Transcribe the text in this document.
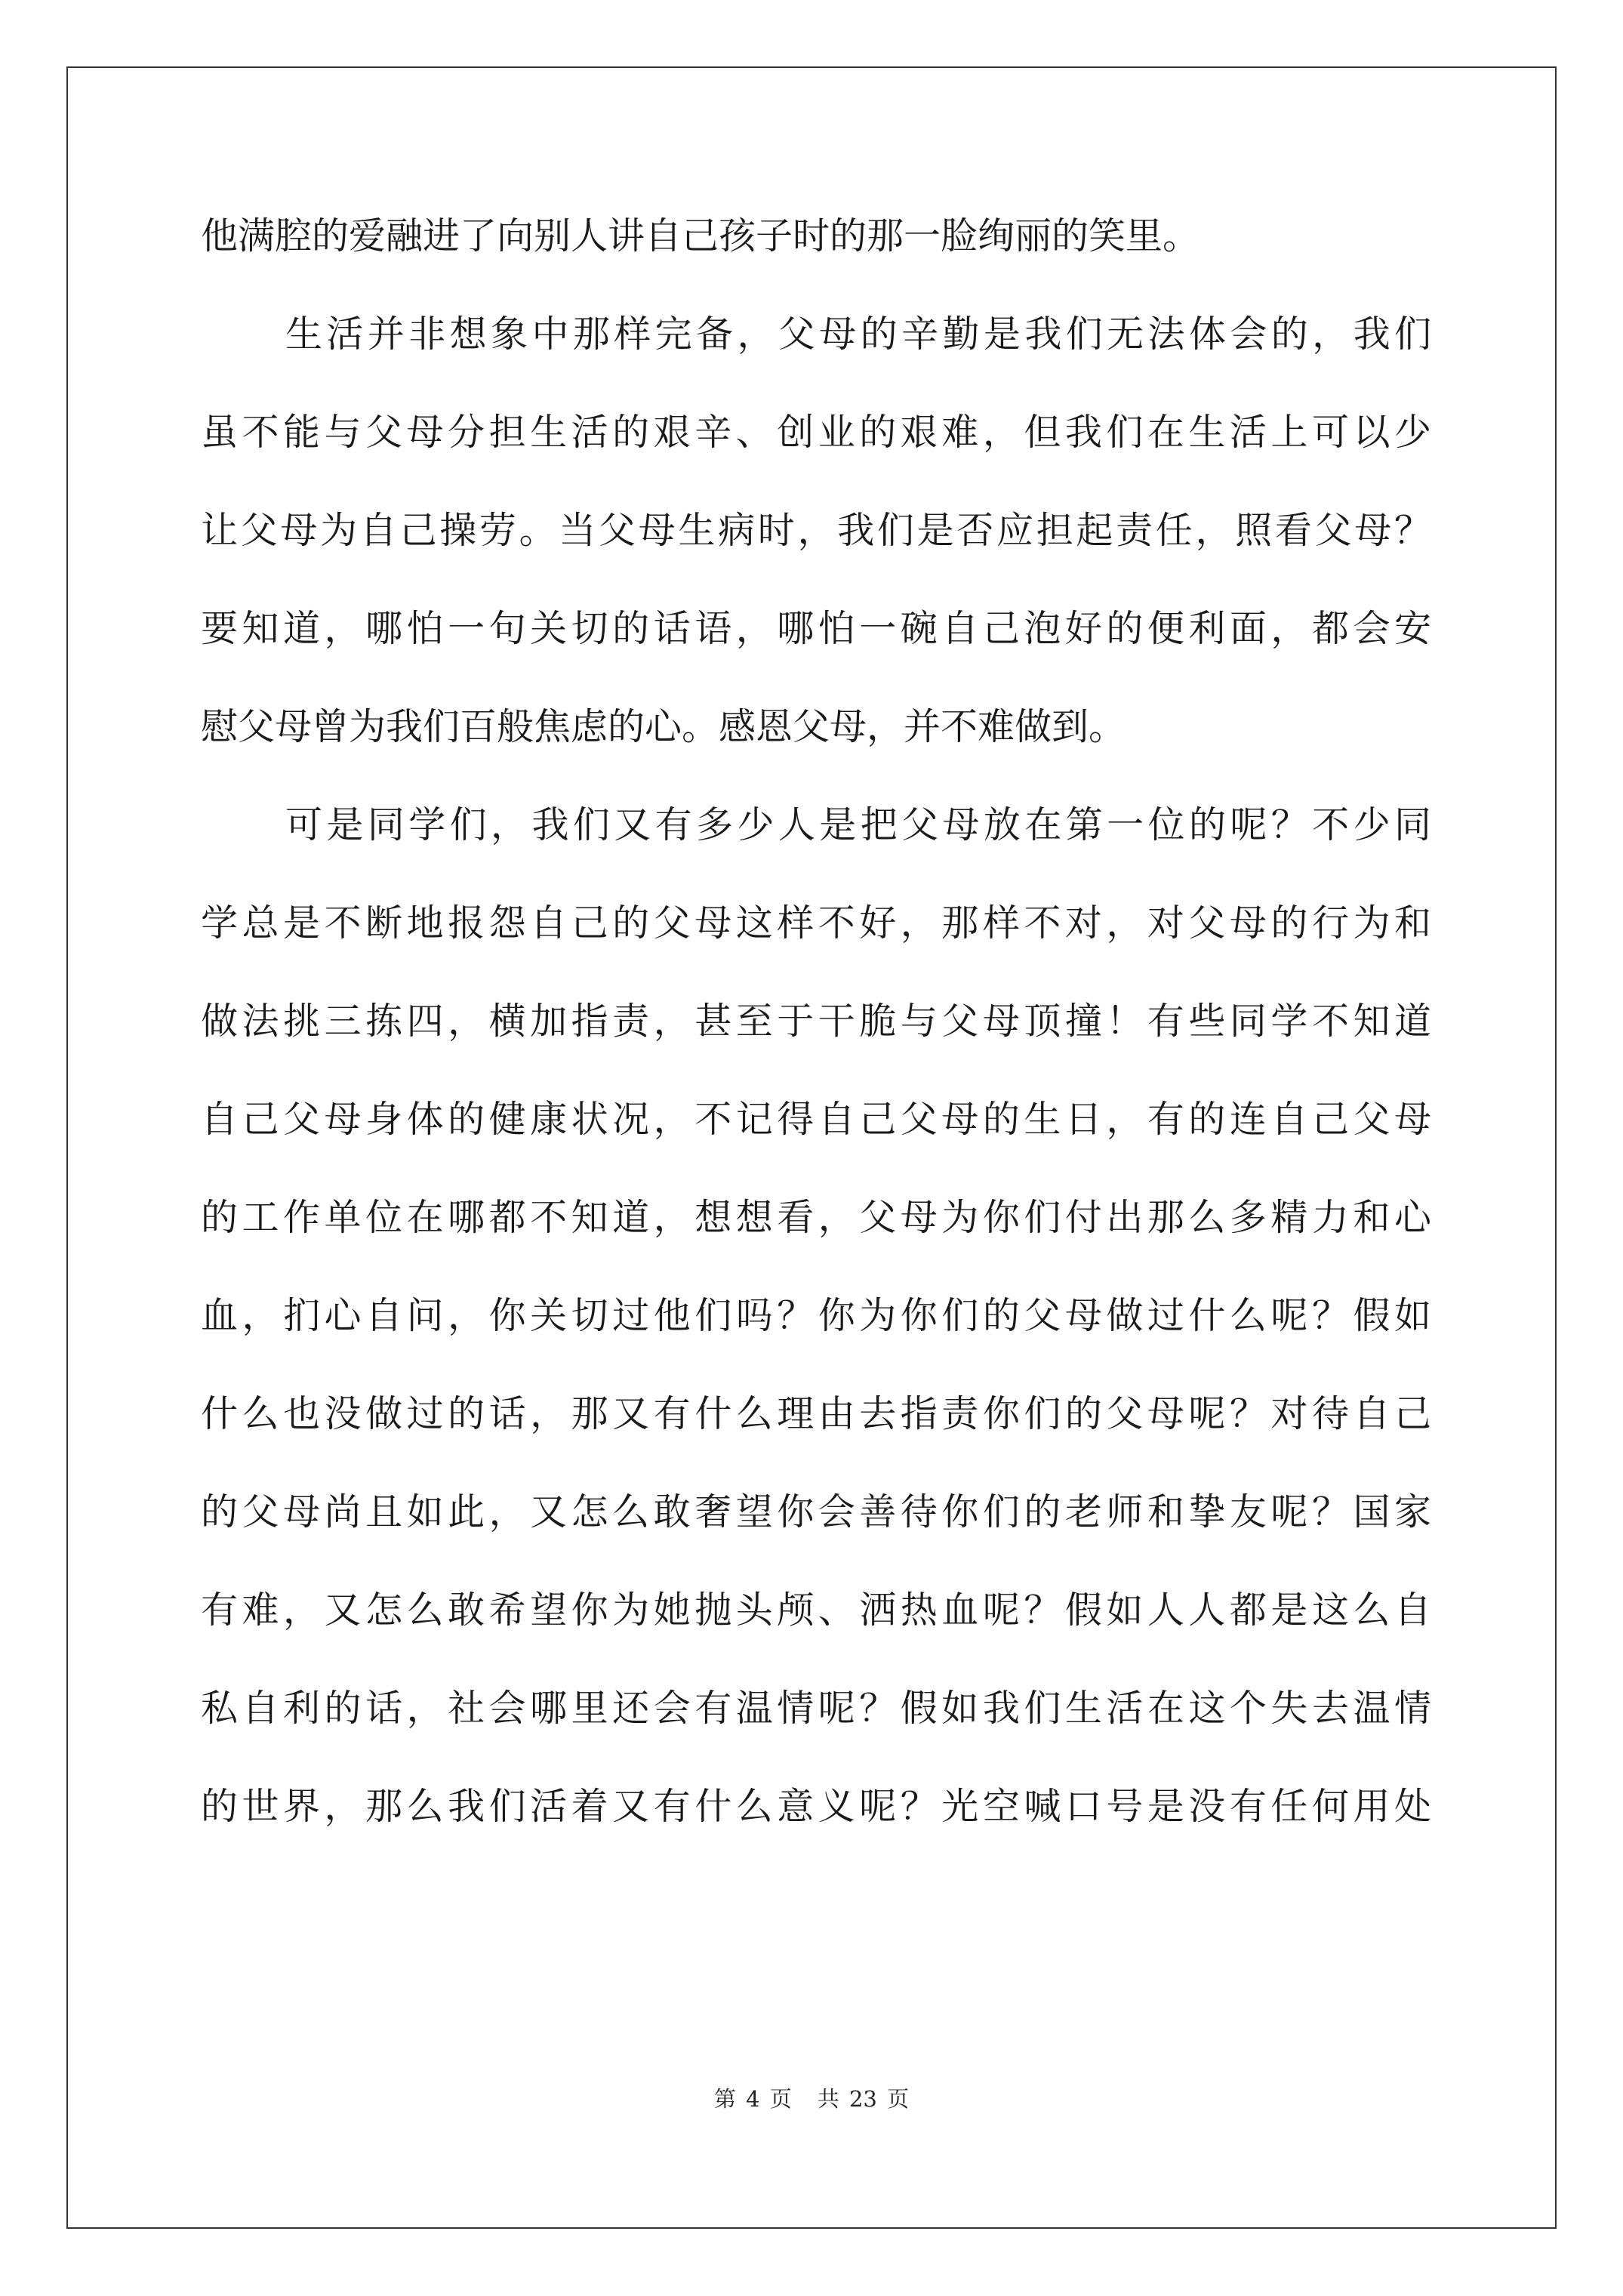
他满腔的爱融进了向别人讲自己孩子时的那一脸绚丽的笑里。
生活并非想象中那样完备，父母的辛勤是我们无法体会的，我们
虽不能与父母分担生活的艰辛、创业的艰难，但我们在生活上可以少
让父母为自己操劳。当父母生病时，我们是否应担起责任，照看父母？
要知道，哪怕一句关切的话语，哪怕一碗自己泡好的便利面，都会安
慰父母曾为我们百般焦虑的心。感恩父母，并不难做到。
可是同学们，我们又有多少人是把父母放在第一位的呢？不少同
学总是不断地报怨自己的父母这样不好，那样不对，对父母的行为和
做法挑三拣四，横加指责，甚至于干脆与父母顶撞！有些同学不知道
自己父母身体的健康状况，不记得自己父母的生日，有的连自己父母
的工作单位在哪都不知道，想想看，父母为你们付出那么多精力和心
血，扪心自问，你关切过他们吗？你为你们的父母做过什么呢？假如
什么也没做过的话，那又有什么理由去指责你们的父母呢？对待自己
的父母尚且如此，又怎么敢奢望你会善待你们的老师和挚友呢？国家
有难，又怎么敢希望你为她抛头颅、洒热血呢？假如人人都是这么自
私自利的话，社会哪里还会有温情呢？假如我们生活在这个失去温情
的世界，那么我们活着又有什么意义呢？光空喊口号是没有任何用处
第 4 页 共 23 页
